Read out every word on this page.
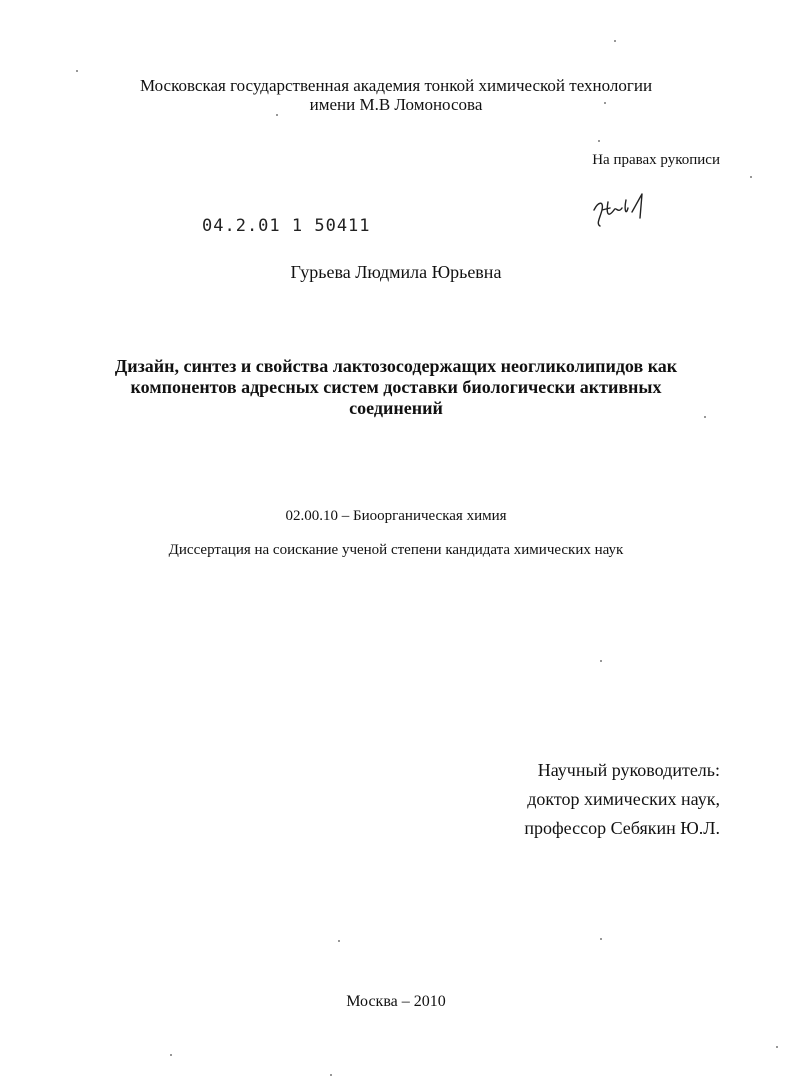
Московская государственная академия тонкой химической технологии
имени М.В Ломоносова
На правах рукописи
04.2.01 1 50411
Гурьева Людмила Юрьевна
Дизайн, синтез и свойства лактозосодержащих неогликолипидов как
компонентов адресных систем доставки биологически активных
соединений
02.00.10 – Биоорганическая химия
Диссертация на соискание ученой степени кандидата химических наук
Научный руководитель:
доктор химических наук,
профессор Себякин Ю.Л.
Москва – 2010
